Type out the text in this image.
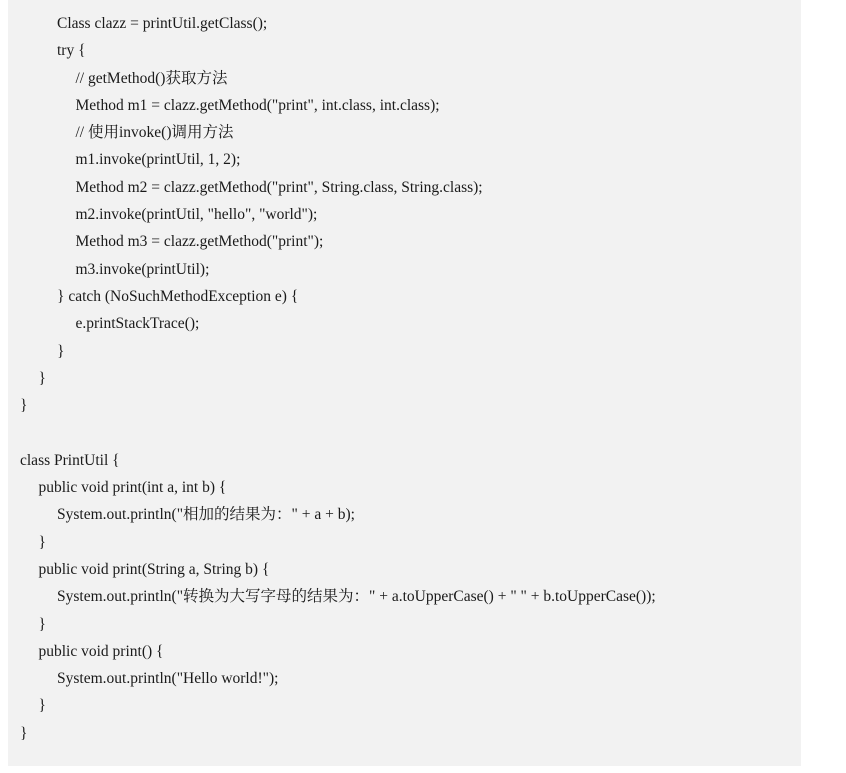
Class clazz = printUtil.getClass();
try {
// getMethod()获取方法
Method m1 = clazz.getMethod("print", int.class, int.class);
// 使用invoke()调用方法
m1.invoke(printUtil, 1, 2);
Method m2 = clazz.getMethod("print", String.class, String.class);
m2.invoke(printUtil, "hello", "world");
Method m3 = clazz.getMethod("print");
m3.invoke(printUtil);
} catch (NoSuchMethodException e) {
e.printStackTrace();
}
}
}
class PrintUtil {
public void print(int a, int b) {
System.out.println("相加的结果为：" + a + b);
}
public void print(String a, String b) {
System.out.println("转换为大写字母的结果为：" + a.toUpperCase() + " " + b.toUpperCase());
}
public void print() {
System.out.println("Hello world!");
}
}
